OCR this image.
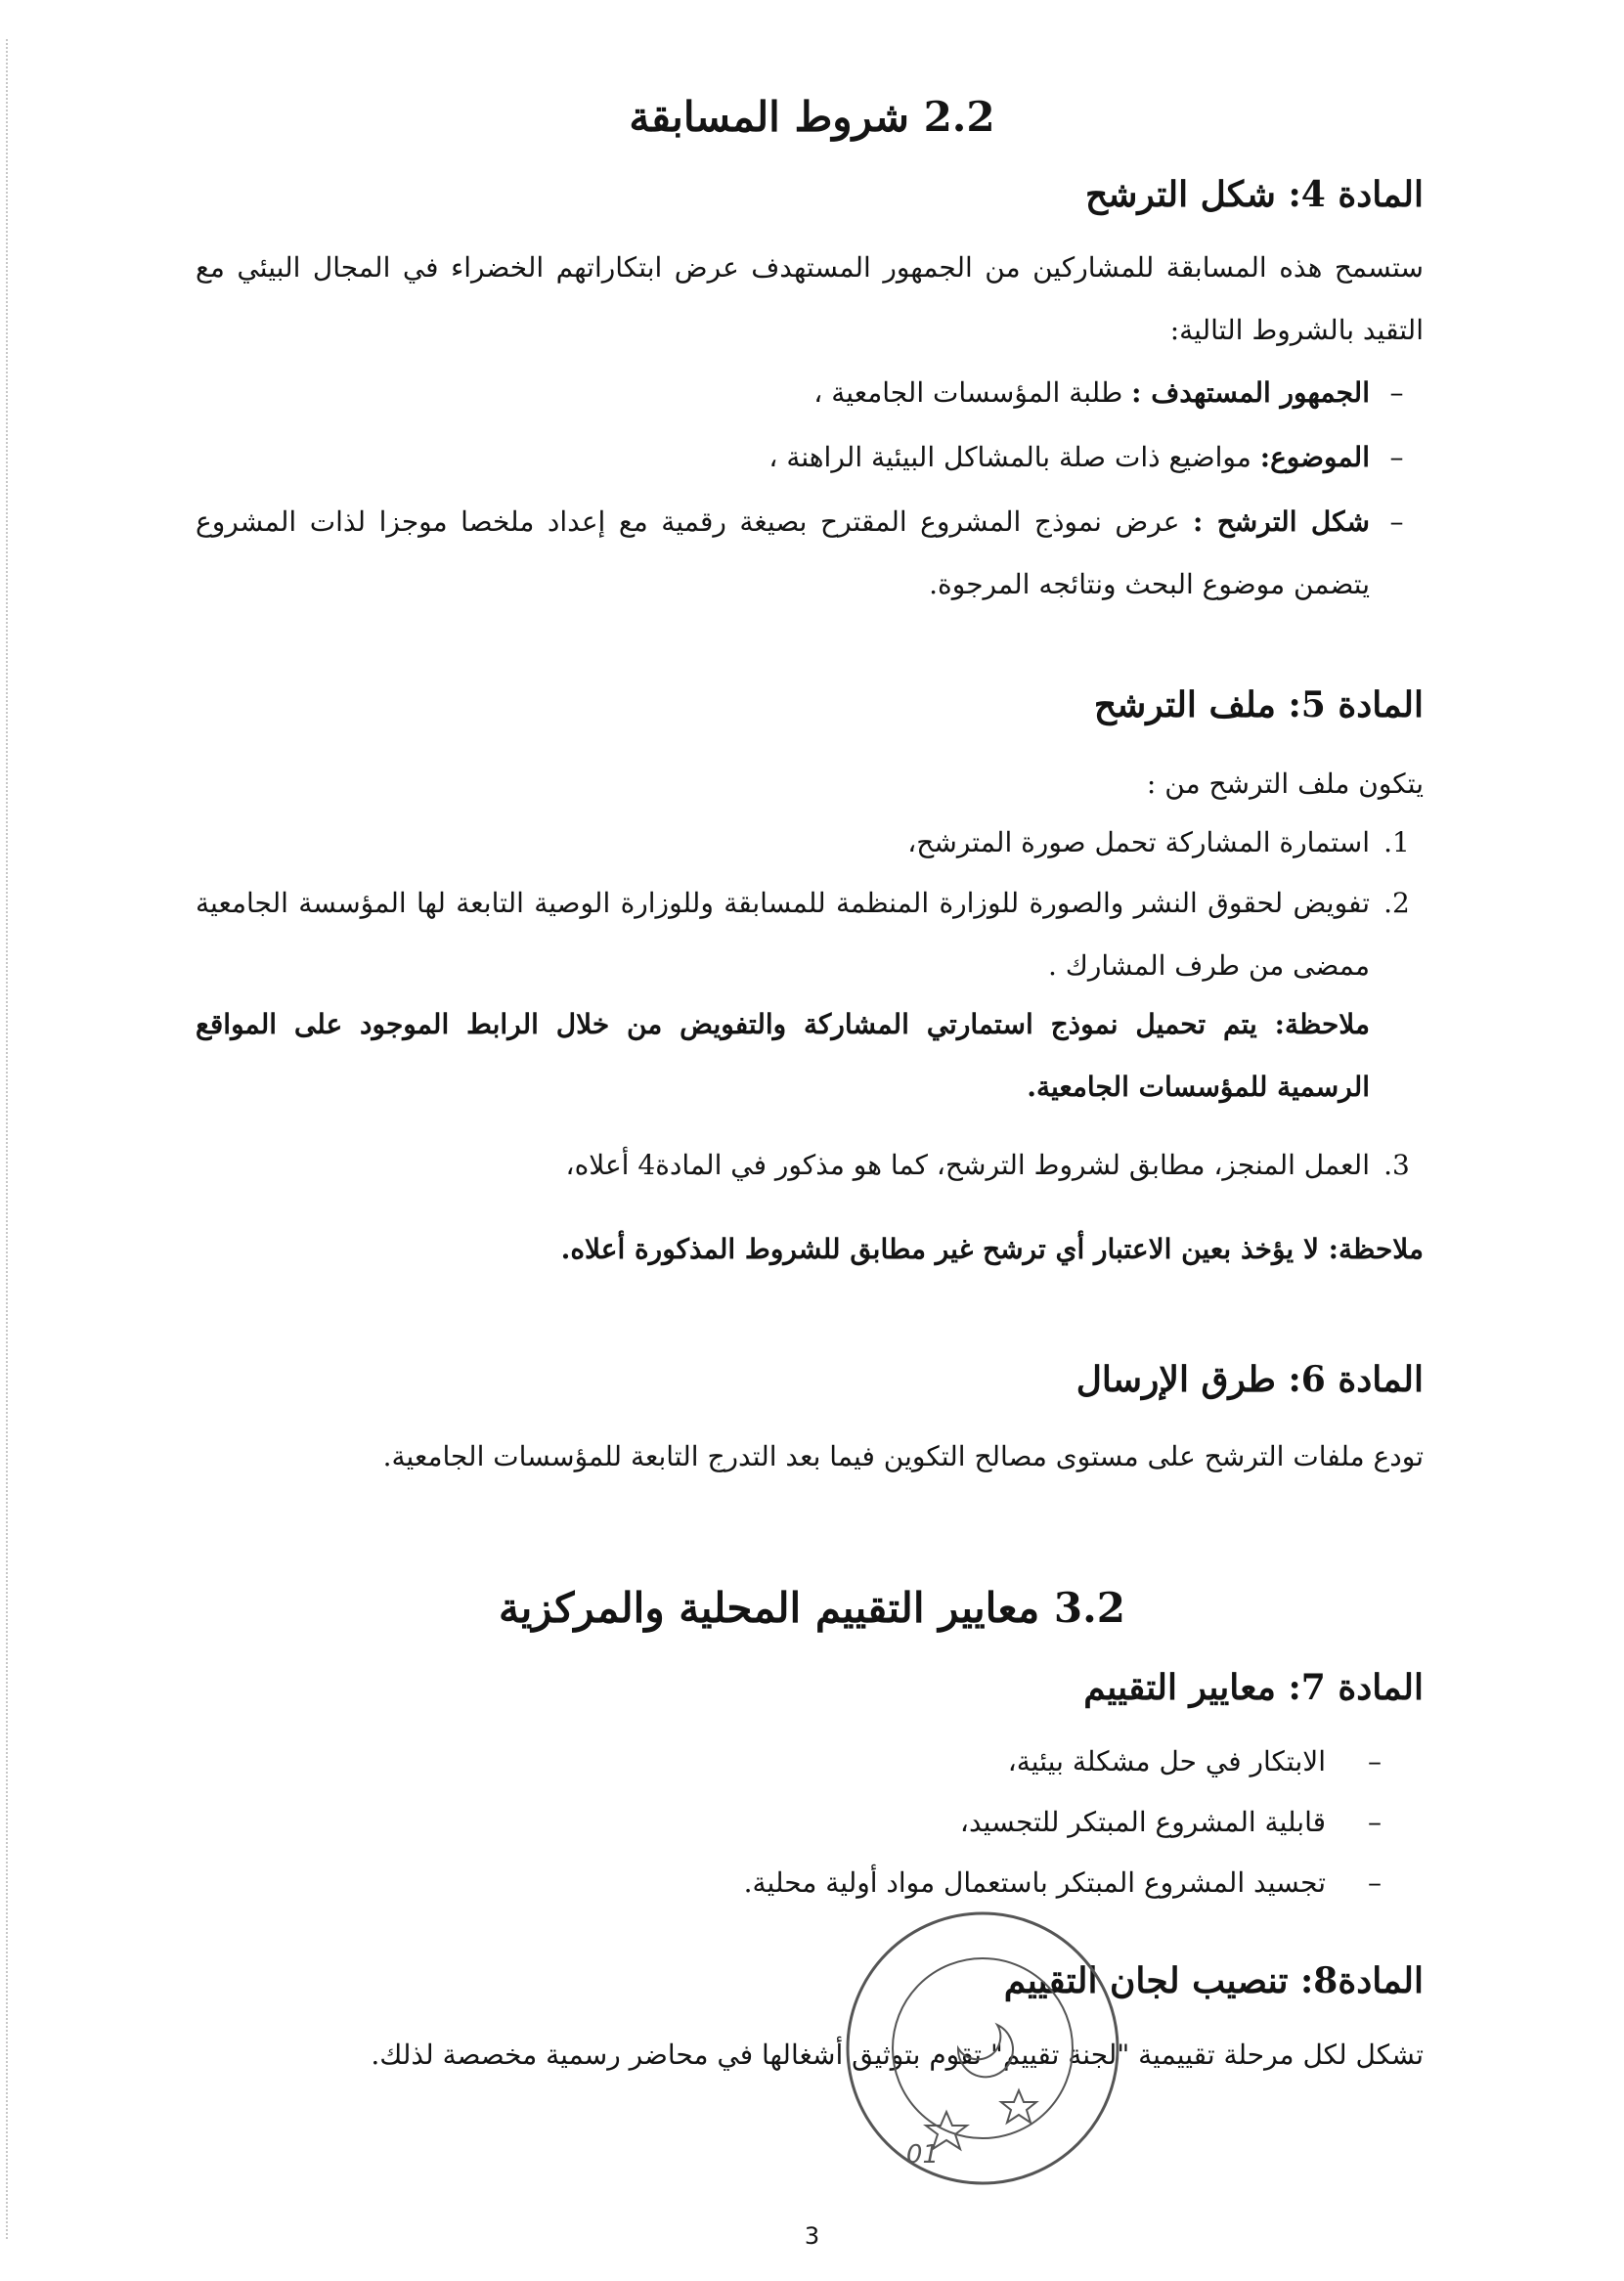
2.2 شروط المسابقة
المادة 4: شكل الترشح

ستسمح هذه المسابقة للمشاركين من الجمهور المستهدف عرض ابتكاراتهم الخضراء في المجال البيئي مع التقيد بالشروط التالية:

–
الجمهور المستهدف : طلبة المؤسسات الجامعية ،
–
الموضوع: مواضيع ذات صلة بالمشاكل البيئية الراهنة ،
–
شكل الترشح : عرض نموذج المشروع المقترح بصيغة رقمية مع إعداد ملخصا موجزا لذات المشروع يتضمن موضوع البحث ونتائجه المرجوة.
المادة 5: ملف الترشح

يتكون ملف الترشح من :

1.
استمارة المشاركة تحمل صورة المترشح،
2.
تفويض لحقوق النشر والصورة للوزارة المنظمة للمسابقة وللوزارة الوصية التابعة لها المؤسسة الجامعية ممضى من طرف المشارك .

ملاحظة: يتم تحميل نموذج استمارتي المشاركة والتفويض من خلال الرابط الموجود على المواقع الرسمية للمؤسسات الجامعية.

3.
العمل المنجز، مطابق لشروط الترشح، كما هو مذكور في المادة4 أعلاه،

ملاحظة: لا يؤخذ بعين الاعتبار أي ترشح غير مطابق للشروط المذكورة أعلاه.

المادة 6: طرق الإرسال

تودع ملفات الترشح على مستوى مصالح التكوين فيما بعد التدرج التابعة للمؤسسات الجامعية.

3.2 معايير التقييم المحلية والمركزية
المادة 7: معايير التقييم
–
الابتكار في حل مشكلة بيئية،
–
قابلية المشروع المبتكر للتجسيد،
–
تجسيد المشروع المبتكر باستعمال مواد أولية محلية.
المادة8: تنصيب لجان التقييم

تشكل لكل مرحلة تقييمية "لجنة تقييم" تقوم بتوثيق أشغالها في محاضر رسمية مخصصة لذلك.

01
3
